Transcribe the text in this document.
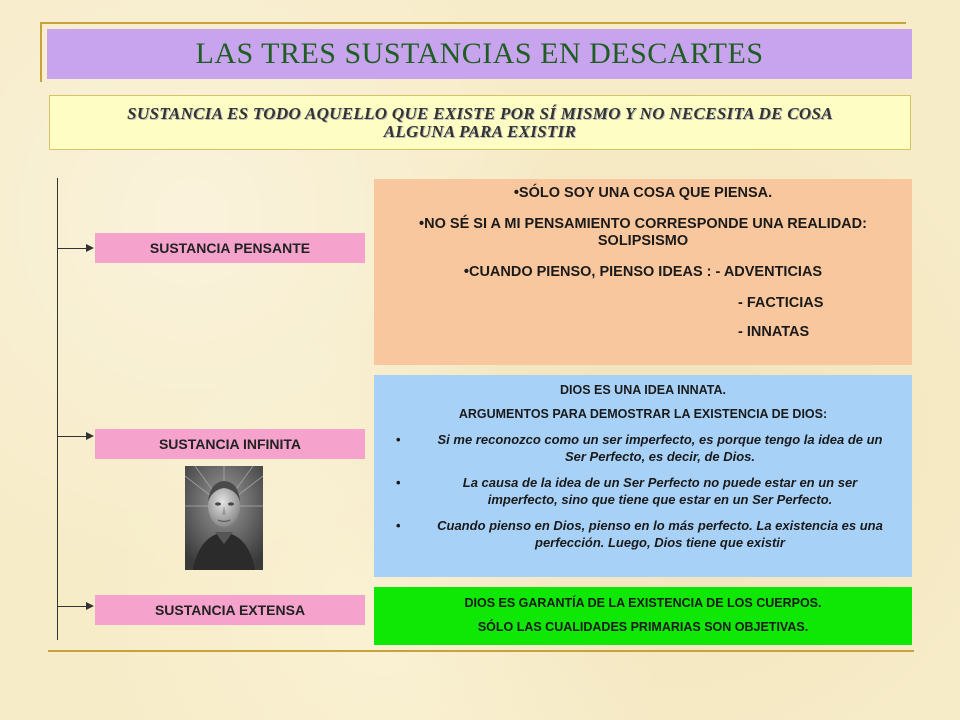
LAS TRES SUSTANCIAS EN DESCARTES
SUSTANCIA ES TODO AQUELLO QUE EXISTE POR SÍ MISMO Y NO NECESITA DE COSA ALGUNA PARA EXISTIR
SUSTANCIA PENSANTE
SUSTANCIA INFINITA
SUSTANCIA EXTENSA

•SÓLO SOY UNA COSA QUE PIENSA.

•NO SÉ SI A MI PENSAMIENTO CORRESPONDE UNA REALIDAD: SOLIPSISMO

•CUANDO PIENSO, PIENSO IDEAS : - ADVENTICIAS

- FACTICIAS

- INNATAS

DIOS ES UNA IDEA INNATA.

ARGUMENTOS PARA DEMOSTRAR LA EXISTENCIA DE DIOS:

•	Si me reconozco como un ser imperfecto, es porque tengo la idea de un Ser Perfecto, es decir, de Dios.
•	La causa de la idea de un Ser Perfecto no puede estar en un ser imperfecto, sino que tiene que estar en un Ser Perfecto.
•	Cuando pienso en Dios, pienso en lo más perfecto. La existencia es una perfección. Luego, Dios tiene que existir

DIOS ES GARANTÍA DE LA EXISTENCIA DE LOS CUERPOS.

SÓLO LAS CUALIDADES PRIMARIAS SON OBJETIVAS.
